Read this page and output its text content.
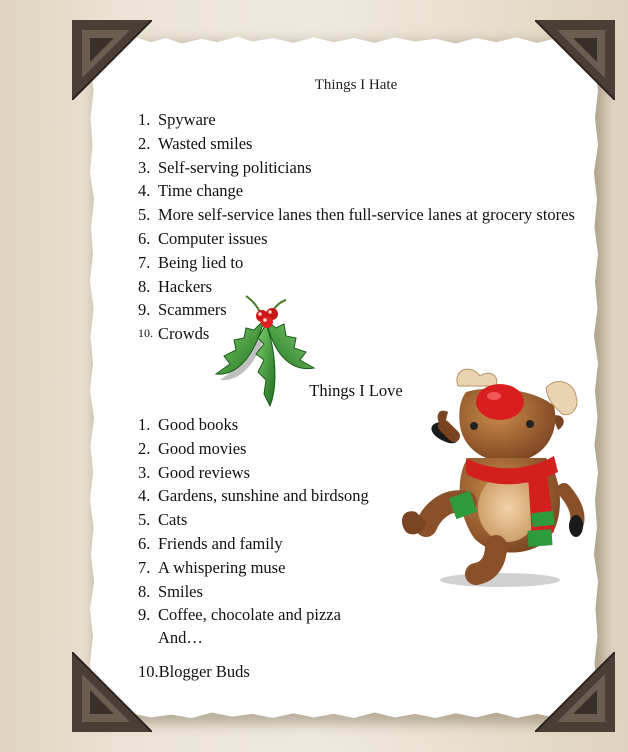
Things I Hate
1. Spyware
2. Wasted smiles
3. Self-serving politicians
4. Time change
5. More self-service lanes then full-service lanes at grocery stores
6. Computer issues
7. Being lied to
8. Hackers
9. Scammers
10. Crowds
Things I Love
1. Good books
2. Good movies
3. Good reviews
4. Gardens, sunshine and birdsong
5. Cats
6. Friends and family
7. A whispering muse
8. Smiles
9. Coffee, chocolate and pizza
And…
10.Blogger Buds
